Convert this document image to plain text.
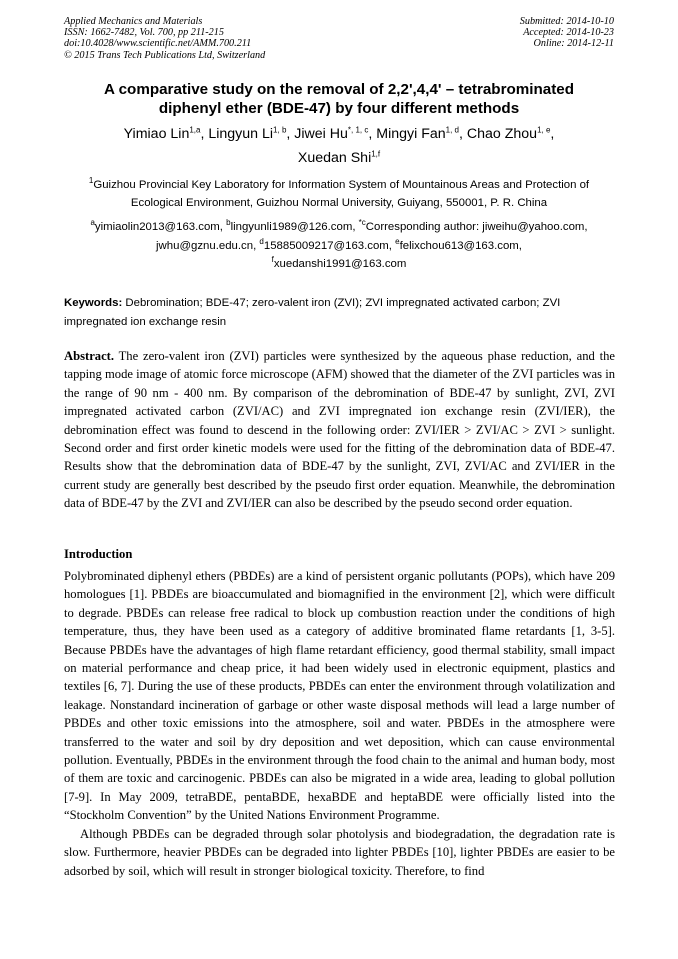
Applied Mechanics and Materials
ISSN: 1662-7482, Vol. 700, pp 211-215
doi:10.4028/www.scientific.net/AMM.700.211
© 2015 Trans Tech Publications Ltd, Switzerland
Submitted: 2014-10-10
Accepted: 2014-10-23
Online: 2014-12-11
A comparative study on the removal of 2,2',4,4' – tetrabrominated
diphenyl ether (BDE-47) by four different methods
Yimiao Lin$^{1,a}$, Lingyun Li$^{1, b}$, Jiwei $Hu^{*, 1, c}$, Mingyi Fan$^{1, d}$, Chao Zhou$^{1, e}$,
Xuedan Shi$^{1,f}$
$^1$Guizhou Provincial Key Laboratory for Information System of Mountainous Areas and Protection of
Ecological Environment, Guizhou Normal University, Guiyang, 550001, P. R. China
$^a$yimiaolin2013@163.com, $^b$lingyunli1989@126.com, $^{*c}$Corresponding author: jiweihu@yahoo.com,
jwhu@gznu.edu.cn, $^d$15885009217@163.com, $^e$felixchou613@163.com,
$^f$xuedanshi1991@163.com
Keywords: Debromination; BDE-47; zero-valent iron (ZVI); ZVI impregnated activated carbon; ZVI impregnated ion exchange resin
Abstract. The zero-valent iron (ZVI) particles were synthesized by the aqueous phase reduction, and the tapping mode image of atomic force microscope (AFM) showed that the diameter of the ZVI particles was in the range of 90 nm - 400 nm. By comparison of the debromination of BDE-47 by sunlight, ZVI, ZVI impregnated activated carbon (ZVI/AC) and ZVI impregnated ion exchange resin (ZVI/IER), the debromination effect was found to descend in the following order: ZVI/IER > ZVI/AC > ZVI > sunlight. Second order and first order kinetic models were used for the fitting of the debromination data of BDE-47. Results show that the debromination data of BDE-47 by the sunlight, ZVI, ZVI/AC and ZVI/IER in the current study are generally best described by the pseudo first order equation. Meanwhile, the debromination data of BDE-47 by the ZVI and ZVI/IER can also be described by the pseudo second order equation.
Introduction

Polybrominated diphenyl ethers (PBDEs) are a kind of persistent organic pollutants (POPs), which have 209 homologues [1]. PBDEs are bioaccumulated and biomagnified in the environment [2], which were difficult to degrade. PBDEs can release free radical to block up combustion reaction under the conditions of high temperature, thus, they have been used as a category of additive brominated flame retardants [1, 3-5]. Because PBDEs have the advantages of high flame retardant efficiency, good thermal stability, small impact on material performance and cheap price, it had been widely used in electronic equipment, plastics and textiles [6, 7]. During the use of these products, PBDEs can enter the environment through volatilization and leakage. Nonstandard incineration of garbage or other waste disposal methods will lead a large number of PBDEs and other toxic emissions into the atmosphere, soil and water. PBDEs in the atmosphere were transferred to the water and soil by dry deposition and wet deposition, which can cause environmental pollution. Eventually, PBDEs in the environment through the food chain to the animal and human body, most of them are toxic and carcinogenic. PBDEs can also be migrated in a wide area, leading to global pollution [7-9]. In May 2009, tetraBDE, pentaBDE, hexaBDE and heptaBDE were officially listed into the “Stockholm Convention” by the United Nations Environment Programme.

Although PBDEs can be degraded through solar photolysis and biodegradation, the degradation rate is slow. Furthermore, heavier PBDEs can be degraded into lighter PBDEs [10], lighter PBDEs are easier to be adsorbed by soil, which will result in stronger biological toxicity. Therefore, to find
